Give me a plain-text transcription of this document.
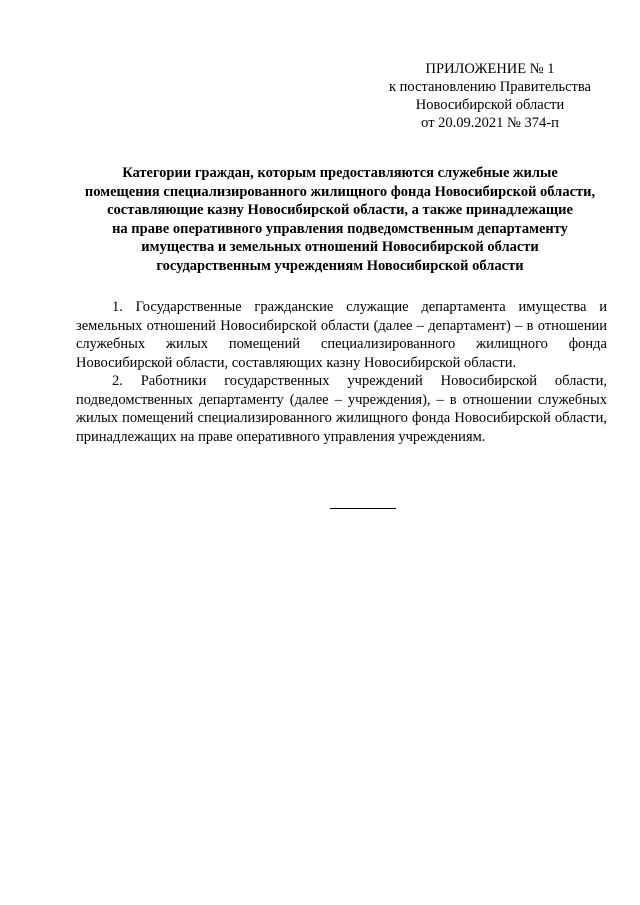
ПРИЛОЖЕНИЕ № 1
к постановлению Правительства
Новосибирской области
от 20.09.2021 № 374-п
Категории граждан, которым предоставляются служебные жилые
помещения специализированного жилищного фонда Новосибирской области,
составляющие казну Новосибирской области, а также принадлежащие
на праве оперативного управления подведомственным департаменту
имущества и земельных отношений Новосибирской области
государственным учреждениям Новосибирской области

1. Государственные гражданские служащие департамента имущества и земельных отношений Новосибирской области (далее – департамент) – в отношении служебных жилых помещений специализированного жилищного фонда Новосибирской области, составляющих казну Новосибирской области.

2. Работники государственных учреждений Новосибирской области, подведомственных департаменту (далее – учреждения), – в отношении служебных жилых помещений специализированного жилищного фонда Новосибирской области, принадлежащих на праве оперативного управления учреждениям.
